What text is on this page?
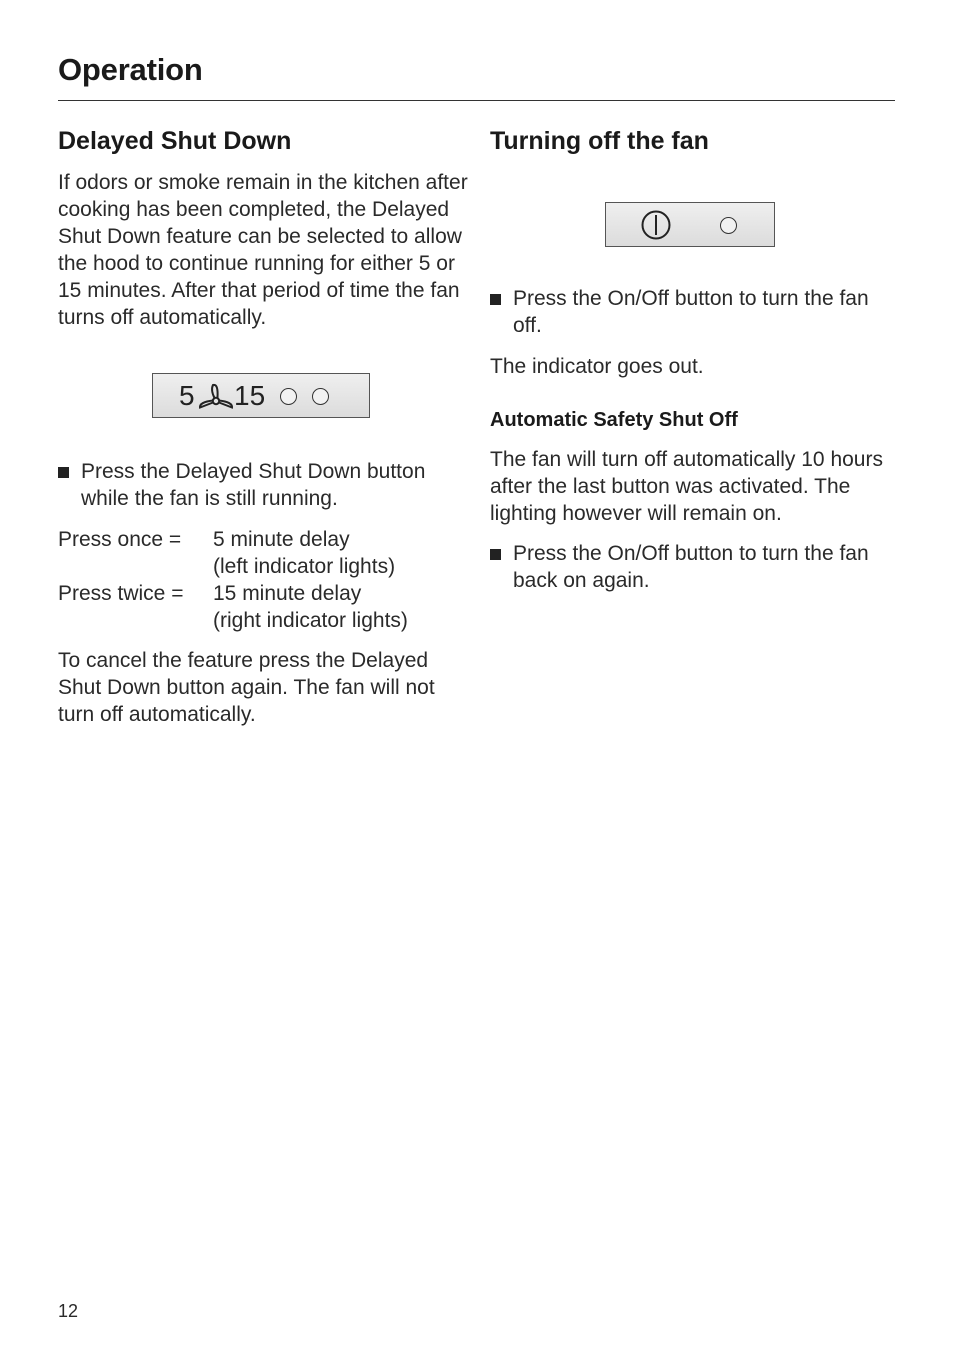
Operation
Delayed Shut Down

If odors or smoke remain in the kitchen after cooking has been completed, the Delayed Shut Down feature can be selected to allow the hood to continue running for either 5 or 15 minutes. After that period of time the fan turns off automatically.

5 15
Press the Delayed Shut Down button while the fan is still running.
Press once =	5 minute delay
(left indicator lights)
Press twice =	15 minute delay
(right indicator lights)

To cancel the feature press the Delayed Shut Down button again. The fan will not turn off automatically.

Turning off the fan
Press the On/Off button to turn the fan off.

The indicator goes out.

Automatic Safety Shut Off

The fan will turn off automatically 10 hours after the last button was activated. The lighting however will remain on.

Press the On/Off button to turn the fan back on again.
12
